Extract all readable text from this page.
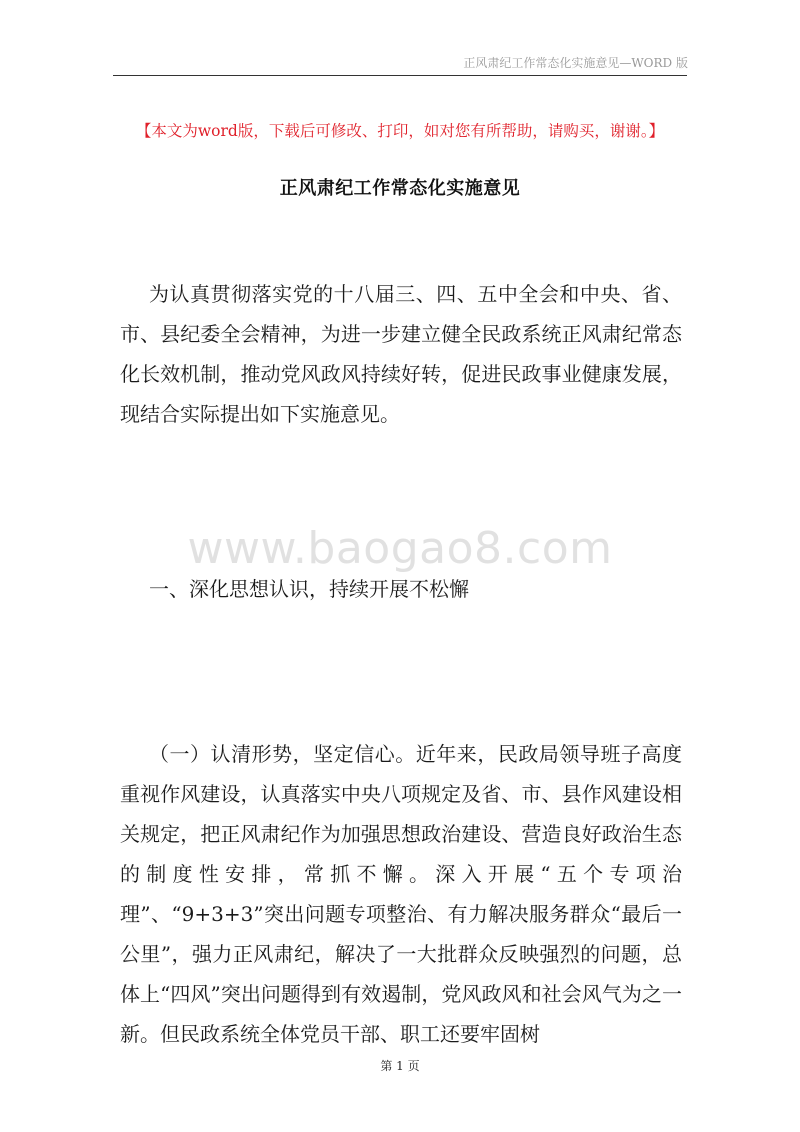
正风肃纪工作常态化实施意见—WORD 版
【本文为word版，下载后可修改、打印，如对您有所帮助，请购买，谢谢。】
正风肃纪工作常态化实施意见
为认真贯彻落实党的十八届三、四、五中全会和中央、省、市、县纪委全会精神，为进一步建立健全民政系统正风肃纪常态化长效机制，推动党风政风持续好转，促进民政事业健康发展，现结合实际提出如下实施意见。
www.baogao8.com
一、深化思想认识，持续开展不松懈
（一）认清形势，坚定信心。近年来，民政局领导班子高度重视作风建设，认真落实中央八项规定及省、市、县作风建设相关规定，把正风肃纪作为加强思想政治建设、营造良好政治生态的制度性安排，常抓不懈。深入开展“五个专项治理”、“9+3+3”突出问题专项整治、有力解决服务群众“最后一公里”，强力正风肃纪，解决了一大批群众反映强烈的问题，总体上“四风”突出问题得到有效遏制，党风政风和社会风气为之一新。但民政系统全体党员干部、职工还要牢固树
第 1 页
